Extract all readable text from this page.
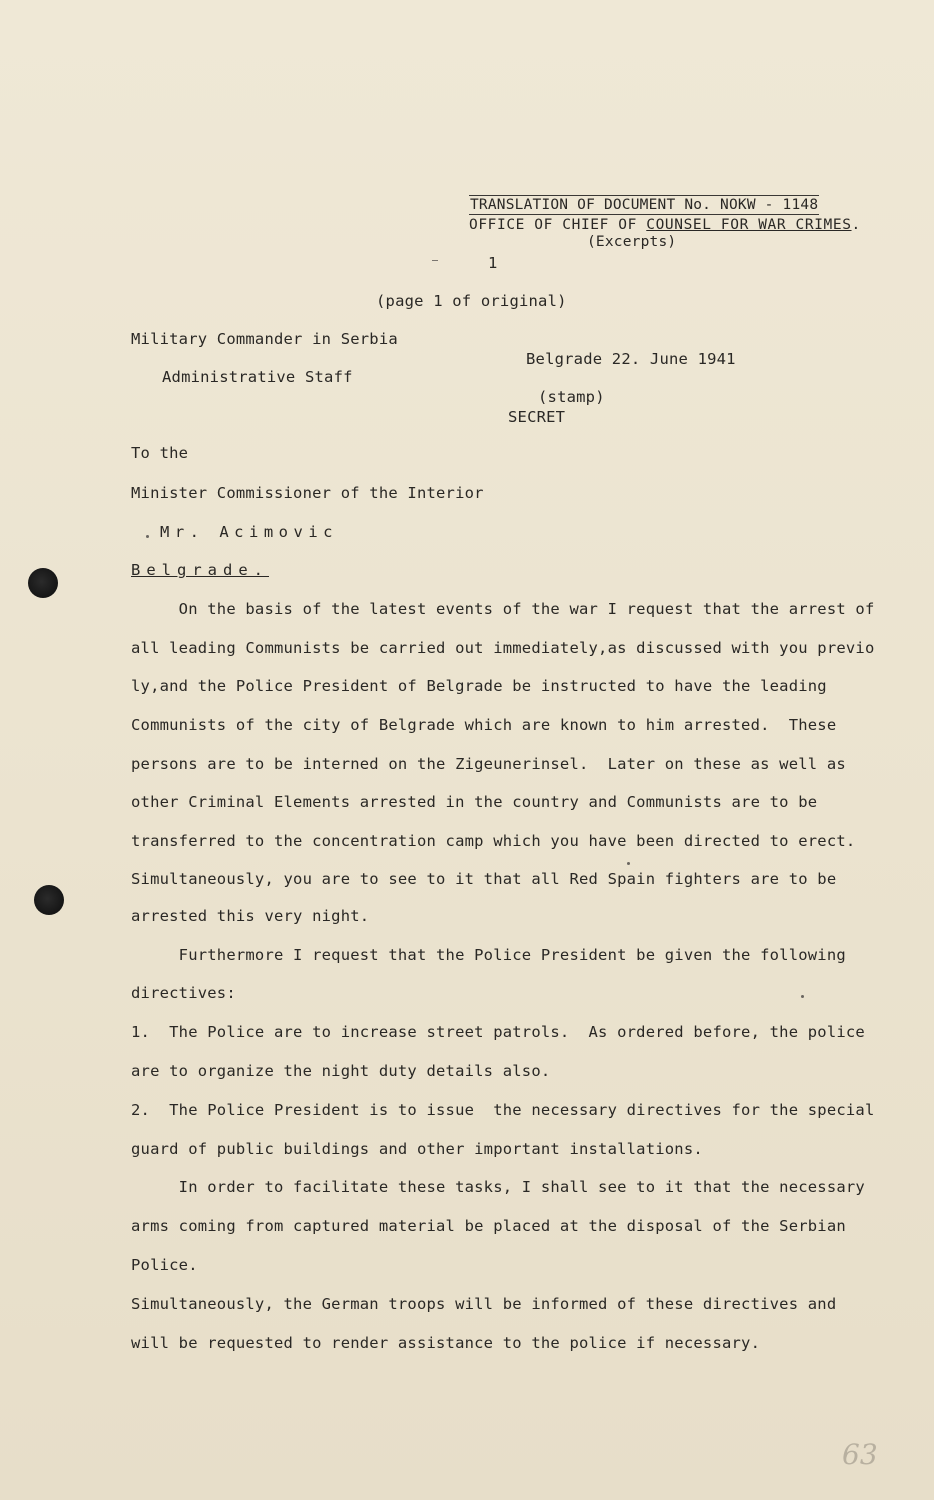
TRANSLATION OF DOCUMENT No. NOKW - 1148
OFFICE OF CHIEF OF COUNSEL FOR WAR CRIMES.
(Excerpts)
1
(page 1 of original)
Military Commander in Serbia
Administrative Staff
Belgrade 22. June 1941
(stamp)
SECRET
To the
Minister Commissioner of the Interior
Mr. Acimovic
Belgrade.
On the basis of the latest events of the war I request that the arrest of
all leading Communists be carried out immediately,as discussed with you previo
ly,and the Police President of Belgrade be instructed to have the leading
Communists of the city of Belgrade which are known to him arrested.  These
persons are to be interned on the Zigeunerinsel.  Later on these as well as
other Criminal Elements arrested in the country and Communists are to be
transferred to the concentration camp which you have been directed to erect.
Simultaneously, you are to see to it that all Red Spain fighters are to be
arrested this very night.
Furthermore I request that the Police President be given the following
directives:
1.  The Police are to increase street patrols.  As ordered before, the police
are to organize the night duty details also.
2.  The Police President is to issue  the necessary directives for the special
guard of public buildings and other important installations.
In order to facilitate these tasks, I shall see to it that the necessary
arms coming from captured material be placed at the disposal of the Serbian
Police.
Simultaneously, the German troops will be informed of these directives and
will be requested to render assistance to the police if necessary.
63
